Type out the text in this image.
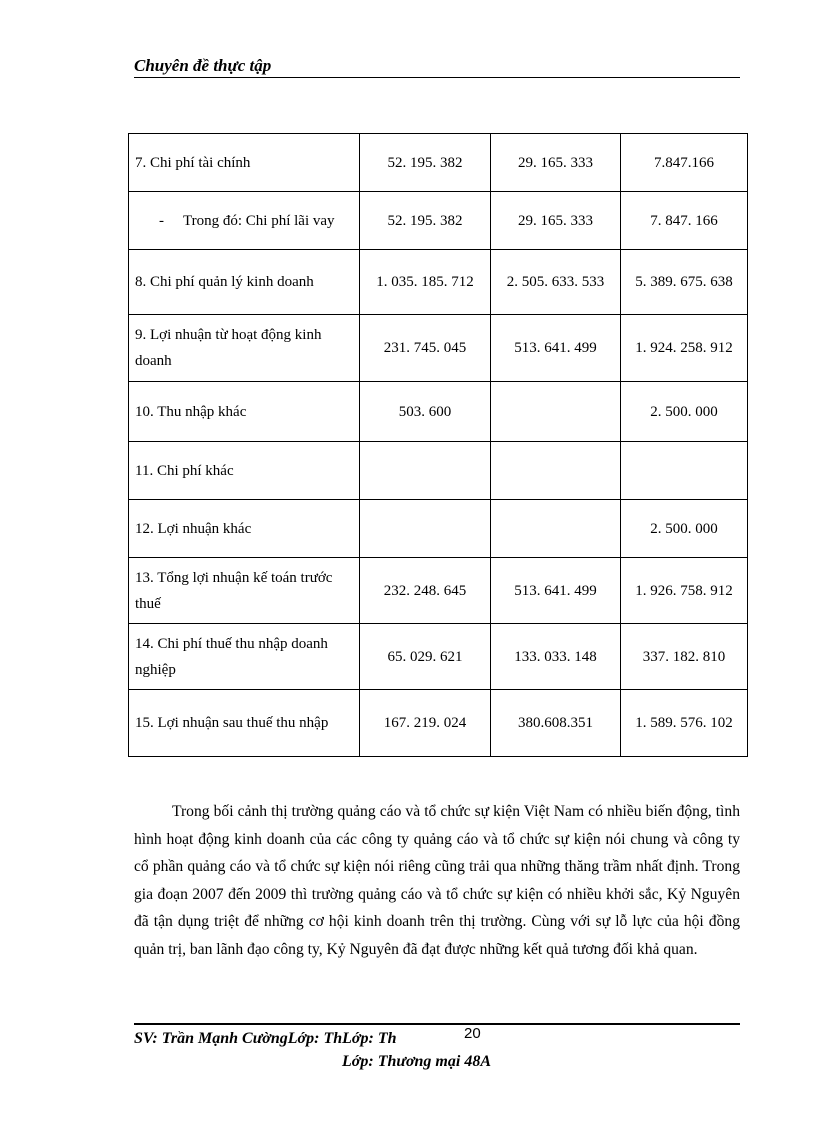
Chuyên đề thực tập
7. Chi phí tài chính	52. 195. 382	29. 165. 333	7.847.166
- Trong đó: Chi phí lãi vay	52. 195. 382	29. 165. 333	7. 847. 166
8. Chi phí quản lý kinh doanh	1. 035. 185. 712	2. 505. 633. 533	5. 389. 675. 638
9. Lợi nhuận từ hoạt động kinh doanh	231. 745. 045	513. 641. 499	1. 924. 258. 912
10. Thu nhập khác	503. 600		2. 500. 000
11. Chi phí khác			
12. Lợi nhuận khác			2. 500. 000
13. Tổng lợi nhuận kế toán trước thuế	232. 248. 645	513. 641. 499	1. 926. 758. 912
14. Chi phí thuế thu nhập doanh nghiệp	65. 029. 621	133. 033. 148	337. 182. 810
15. Lợi nhuận sau thuế thu nhập	167. 219. 024	380.608.351	1. 589. 576. 102

Trong bối cảnh thị trường quảng cáo và tổ chức sự kiện Việt Nam có nhiều biến động, tình hình hoạt động kinh doanh của các công ty quảng cáo và tổ chức sự kiện nói chung và công ty cổ phần quảng cáo và tổ chức sự kiện nói riêng cũng trải qua những thăng trầm nhất định. Trong gia đoạn 2007 đến 2009 thì trường quảng cáo và tổ chức sự kiện có nhiều khởi sắc, Kỷ Nguyên đã tận dụng triệt để những cơ hội kinh doanh trên thị trường. Cùng với sự lỗ lực của hội đồng quản trị, ban lãnh đạo công ty, Kỷ Nguyên đã đạt được những kết quả tương đối khả quan.

SV: Trần Mạnh CườngLớp: ThLớp: Th	20
Lớp: Thương mại 48A
